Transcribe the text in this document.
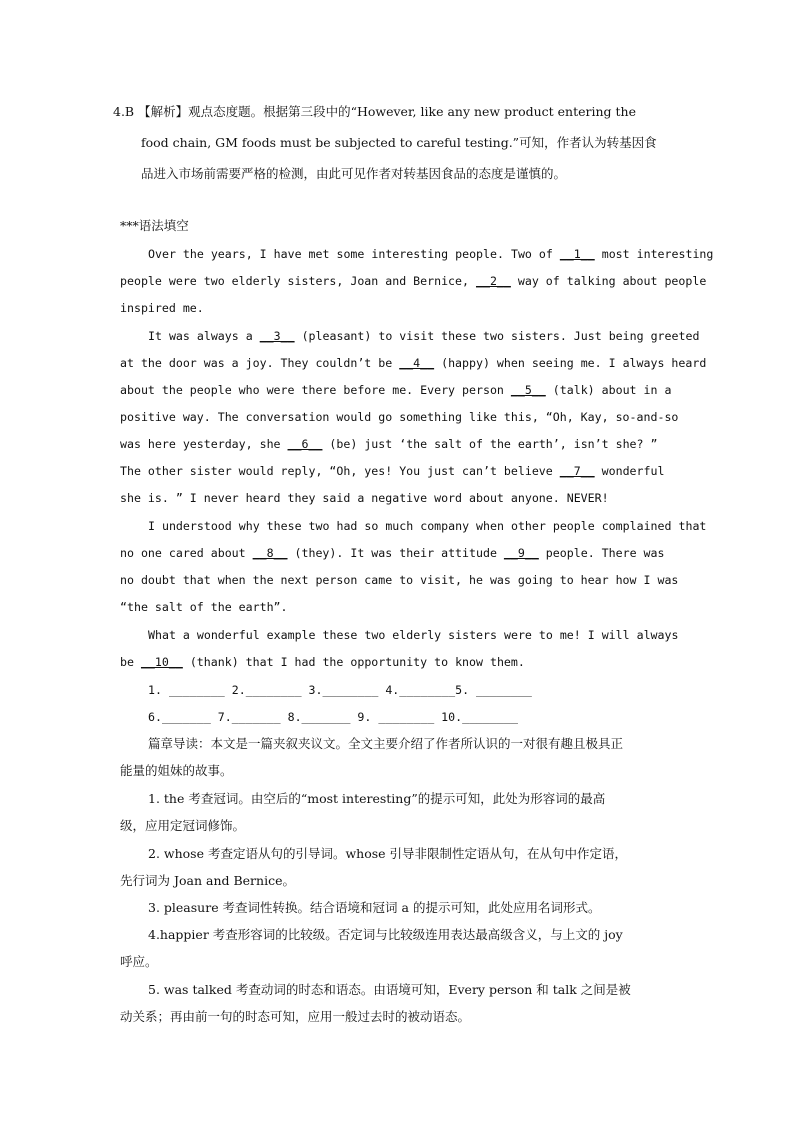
4.B 【解析】观点态度题。根据第三段中的“However, like any new product entering the
food chain, GM foods must be subjected to careful testing.”可知，作者认为转基因食
品进入市场前需要严格的检测，由此可见作者对转基因食品的态度是谨慎的。
***语法填空
Over the years, I have met some interesting people. Two of __1__ most interesting
people were two elderly sisters, Joan and Bernice, __2__ way of talking about people
inspired me.
It was always a __3__ (pleasant) to visit these two sisters. Just being greeted
at the door was a joy. They couldn’t be __4__ (happy) when seeing me. I always heard
about the people who were there before me. Every person __5__ (talk) about in a
positive way. The conversation would go something like this, “Oh, Kay, so-and-so
was here yesterday, she __6__ (be) just ‘the salt of the earth’, isn’t she? ”
The other sister would reply, “Oh, yes! You just can’t believe __7__ wonderful
she is. ” I never heard they said a negative word about anyone. NEVER!
I understood why these two had so much company when other people complained that
no one cared about __8__ (they). It was their attitude __9__ people. There was
no doubt that when the next person came to visit, he was going to hear how I was
“the salt of the earth”.
What a wonderful example these two elderly sisters were to me! I will always
be __10__ (thank) that I had the opportunity to know them.
1. ________ 2.________ 3.________ 4.________5. ________
6._______ 7._______ 8._______ 9. ________ 10.________
篇章导读：本文是一篇夹叙夹议文。全文主要介绍了作者所认识的一对很有趣且极具正
能量的姐妹的故事。
1. the 考查冠词。由空后的“most interesting”的提示可知，此处为形容词的最高
级，应用定冠词修饰。
2. whose 考查定语从句的引导词。whose 引导非限制性定语从句，在从句中作定语，
先行词为 Joan and Bernice。
3. pleasure 考查词性转换。结合语境和冠词 a 的提示可知，此处应用名词形式。
4.happier 考查形容词的比较级。否定词与比较级连用表达最高级含义，与上文的 joy
呼应。
5. was talked 考查动词的时态和语态。由语境可知，Every person 和 talk 之间是被
动关系；再由前一句的时态可知，应用一般过去时的被动语态。
